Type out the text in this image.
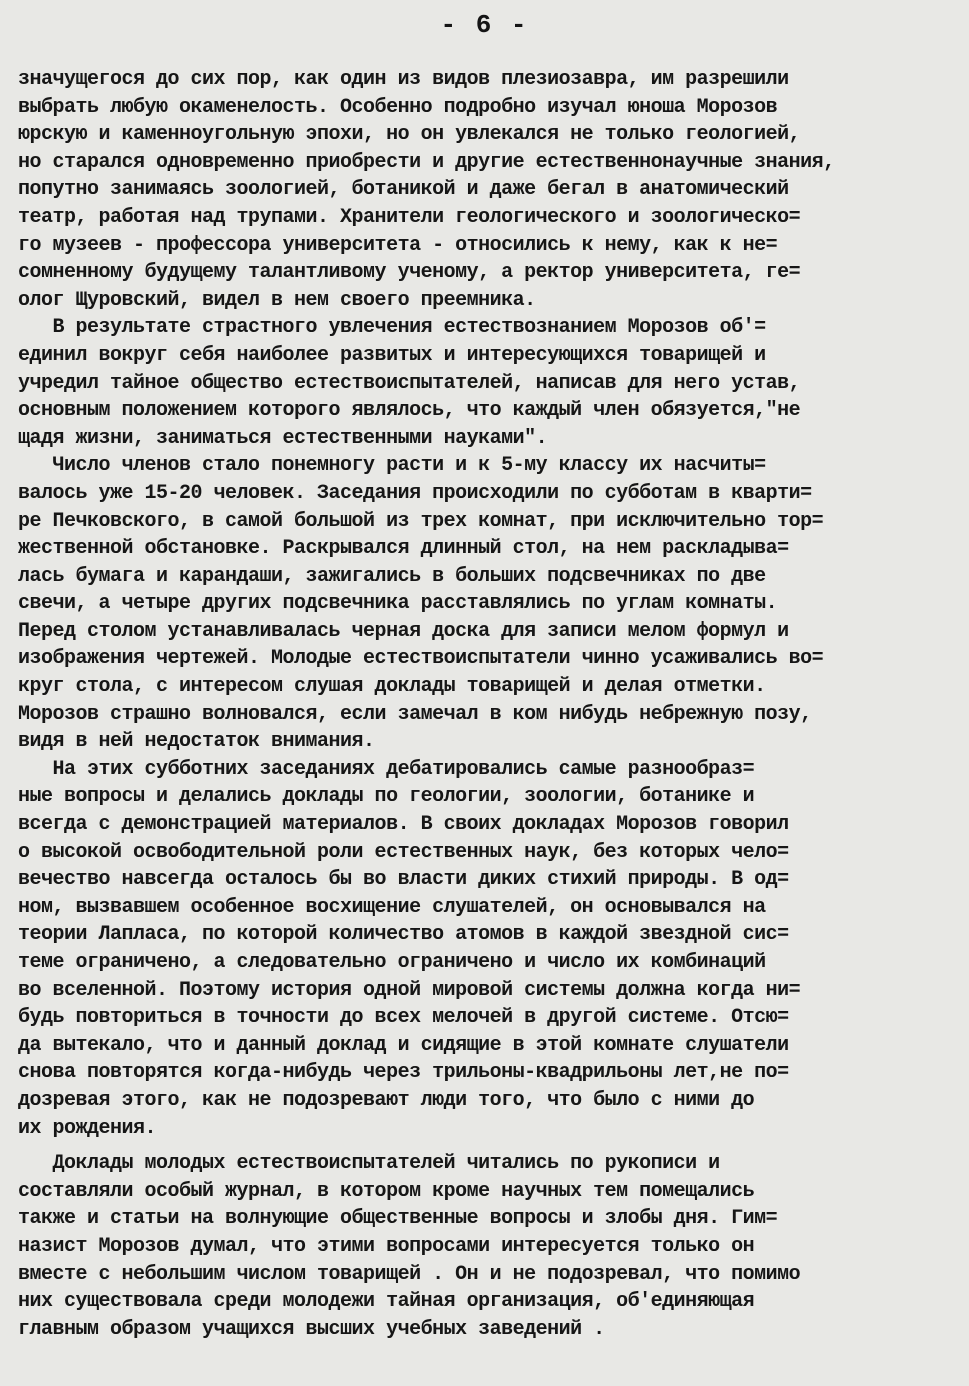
- 6 -
значущегося до сих пор, как один из видов плезиозавра, им разрешили
выбрать любую окаменелость. Особенно подробно изучал юноша Морозов
юрскую и каменноугольную эпохи, но он увлекался не только геологией,
но старался одновременно приобрести и другие естественнонаучные знания,
попутно занимаясь зоологией, ботаникой и даже бегал в анатомический
театр, работая над трупами. Хранители геологического и зоологическо=
го музеев - профессора университета - относились к нему, как к не=
сомненному будущему талантливому ученому, а ректор университета, ге=
олог Щуровский, видел в нем своего преемника.
В результате страстного увлечения естествознанием Морозов об'=
единил вокруг себя наиболее развитых и интересующихся товарищей и
учредил тайное общество естествоиспытателей, написав для него устав,
основным положением которого являлось, что каждый член обязуется,"не
щадя жизни, заниматься естественными науками".
Число членов стало понемногу расти и к 5-му классу их насчиты=
валось уже 15-20 человек. Заседания происходили по субботам в кварти=
ре Печковского, в самой большой из трех комнат, при исключительно тор=
жественной обстановке. Раскрывался длинный стол, на нем раскладыва=
лась бумага и карандаши, зажигались в больших подсвечниках по две
свечи, а четыре других подсвечника расставлялись по углам комнаты.
Перед столом устанавливалась черная доска для записи мелом формул и
изображения чертежей. Молодые естествоиспытатели чинно усаживались во=
круг стола, с интересом слушая доклады товарищей и делая отметки.
Морозов страшно волновался, если замечал в ком нибудь небрежную позу,
видя в ней недостаток внимания.
На этих субботних заседаниях дебатировались самые разнообраз=
ные вопросы и делались доклады по геологии, зоологии, ботанике и
всегда с демонстрацией материалов. В своих докладах Морозов говорил
о высокой освободительной роли естественных наук, без которых чело=
вечество навсегда осталось бы во власти диких стихий природы. В од=
ном, вызвавшем особенное восхищение слушателей, он основывался на
теории Лапласа, по которой количество атомов в каждой звездной сис=
теме ограничено, а следовательно ограничено и число их комбинаций
во вселенной. Поэтому история одной мировой системы должна когда ни=
будь повториться в точности до всех мелочей в другой системе. Отсю=
да вытекало, что и данный доклад и сидящие в этой комнате слушатели
снова повторятся когда-нибудь через трильоны-квадрильоны лет,не по=
дозревая этого, как не подозревают люди того, что было с ними до
их рождения.
Доклады молодых естествоиспытателей читались по рукописи и
составляли особый журнал, в котором кроме научных тем помещались
также и статьи на волнующие общественные вопросы и злобы дня. Гим=
назист Морозов думал, что этими вопросами интересуется только он
вместе с небольшим числом товарищей . Он и не подозревал, что помимо
них существовала среди молодежи тайная организация, об'единяющая
главным образом учащихся высших учебных заведений .
